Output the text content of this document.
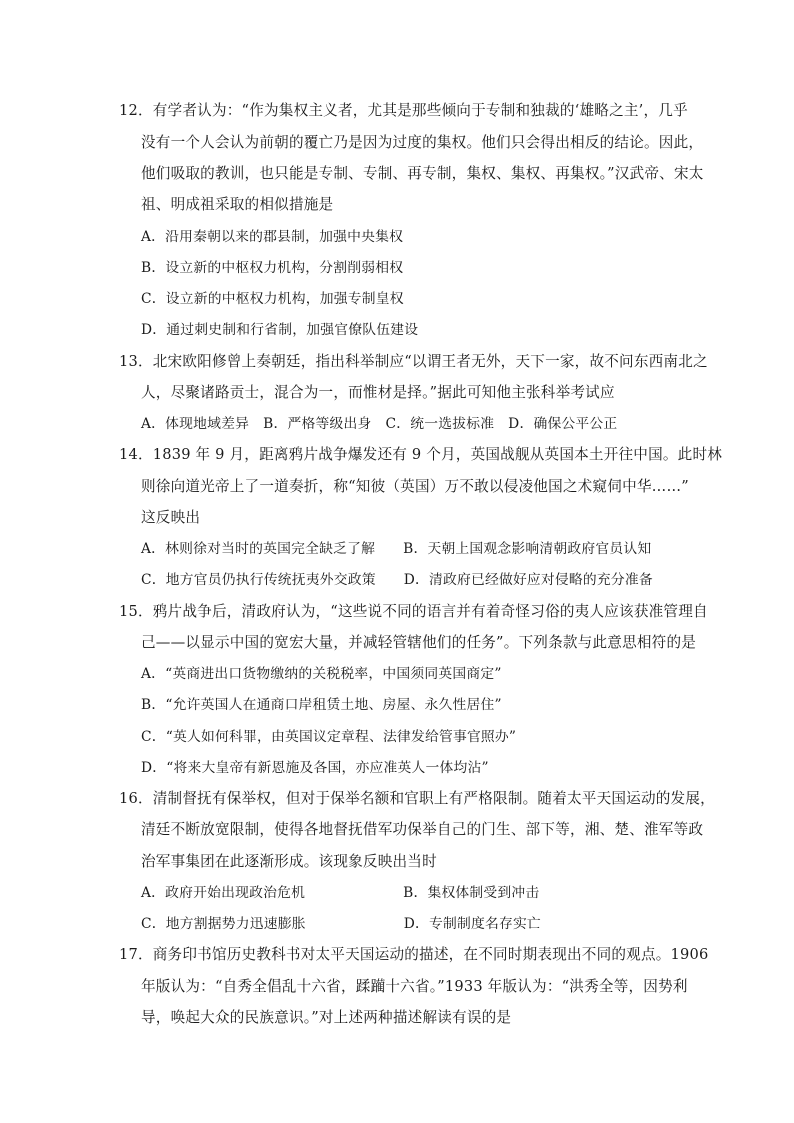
12．有学者认为：“作为集权主义者，尤其是那些倾向于专制和独裁的‘雄略之主’，几乎
没有一个人会认为前朝的覆亡乃是因为过度的集权。他们只会得出相反的结论。因此，
他们吸取的教训，也只能是专制、专制、再专制，集权、集权、再集权。”汉武帝、宋太
祖、明成祖采取的相似措施是
A．沿用秦朝以来的郡县制，加强中央集权
B．设立新的中枢权力机构，分割削弱相权
C．设立新的中枢权力机构，加强专制皇权
D．通过刺史制和行省制，加强官僚队伍建设
13．北宋欧阳修曾上奏朝廷，指出科举制应“以谓王者无外，天下一家，故不问东西南北之
人，尽聚诸路贡士，混合为一，而惟材是择。”据此可知他主张科举考试应
A．体现地域差异　B．严格等级出身　C．统一选拔标准　D．确保公平公正
14．1839 年 9 月，距离鸦片战争爆发还有 9 个月，英国战舰从英国本土开往中国。此时林
则徐向道光帝上了一道奏折，称“知彼（英国）万不敢以侵凌他国之术窥伺中华……”
这反映出
A．林则徐对当时的英国完全缺乏了解　　B．天朝上国观念影响清朝政府官员认知
C．地方官员仍执行传统抚夷外交政策　　D．清政府已经做好应对侵略的充分准备
15．鸦片战争后，清政府认为，“这些说不同的语言并有着奇怪习俗的夷人应该获准管理自
己——以显示中国的宽宏大量，并减轻管辖他们的任务”。下列条款与此意思相符的是
A．“英商进出口货物缴纳的关税税率，中国须同英国商定”
B．“允许英国人在通商口岸租赁土地、房屋、永久性居住”
C．“英人如何科罪，由英国议定章程、法律发给管事官照办”
D．“将来大皇帝有新恩施及各国，亦应准英人一体均沾”
16．清制督抚有保举权，但对于保举名额和官职上有严格限制。随着太平天国运动的发展，
清廷不断放宽限制，使得各地督抚借军功保举自己的门生、部下等，湘、楚、淮军等政
治军事集团在此逐渐形成。该现象反映出当时
A．政府开始出现政治危机　　　　　　　B．集权体制受到冲击
C．地方割据势力迅速膨胀　　　　　　　D．专制制度名存实亡
17．商务印书馆历史教科书对太平天国运动的描述，在不同时期表现出不同的观点。1906
年版认为：“自秀全倡乱十六省，蹂躏十六省。”1933 年版认为：“洪秀全等，因势利
导，唤起大众的民族意识。”对上述两种描述解读有误的是
